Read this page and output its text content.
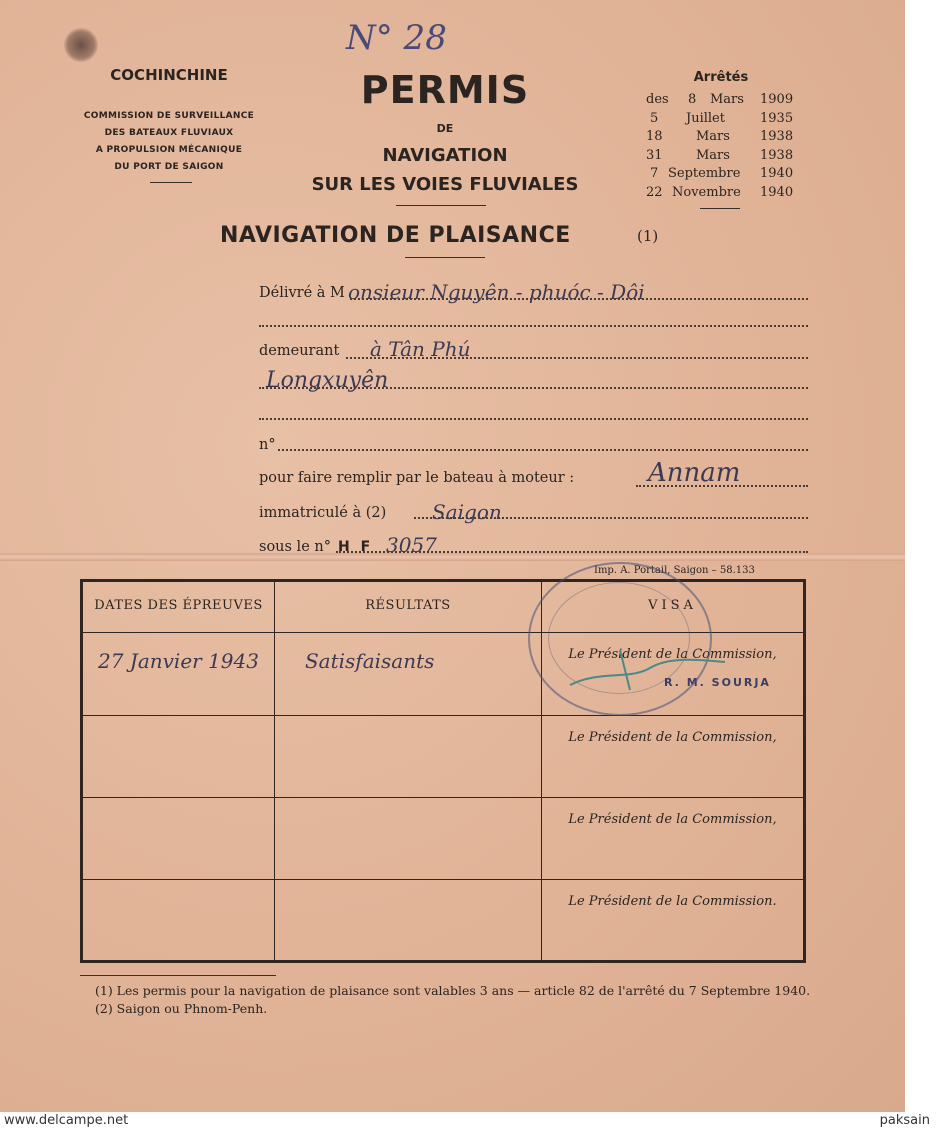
N° 28
COCHINCHINE
COMMISSION DE SURVEILLANCE
DES BATEAUX FLUVIAUX
A PROPULSION MÉCANIQUE
DU PORT DE SAIGON
PERMIS
DE
NAVIGATION
SUR LES VOIES FLUVIALES
Arrêtés
des 8 Mars 1909
5 Juillet	1935
18	Mars 1938
31	Mars 1938
7 Septembre 1940
22 Novembre 1940
NAVIGATION DE PLAISANCE	(1)
Délivré à M onsieur Nguyên - phuóc - Dôi
demeurant à Tân Phú
Longxuyên
n°
pour faire remplir par le bateau à moteur :	Annam
immatriculé à (2) Saigon
sous le n° H F 3057
Imp. A. Portail, Saigon – 58.133
DATES DES ÉPREUVES	RÉSULTATS	VISA
27 Janvier 1943	Satisfaisants	Le Président de la Commission,
R. M. SOURJA

		Le Président de la Commission,
		Le Président de la Commission,
		Le Président de la Commission.
(1) Les permis pour la navigation de plaisance sont valables 3 ans — article 82 de l'arrêté du 7 Septembre 1940.
(2) Saigon ou Phnom-Penh.
www.delcampe.net	paksain
